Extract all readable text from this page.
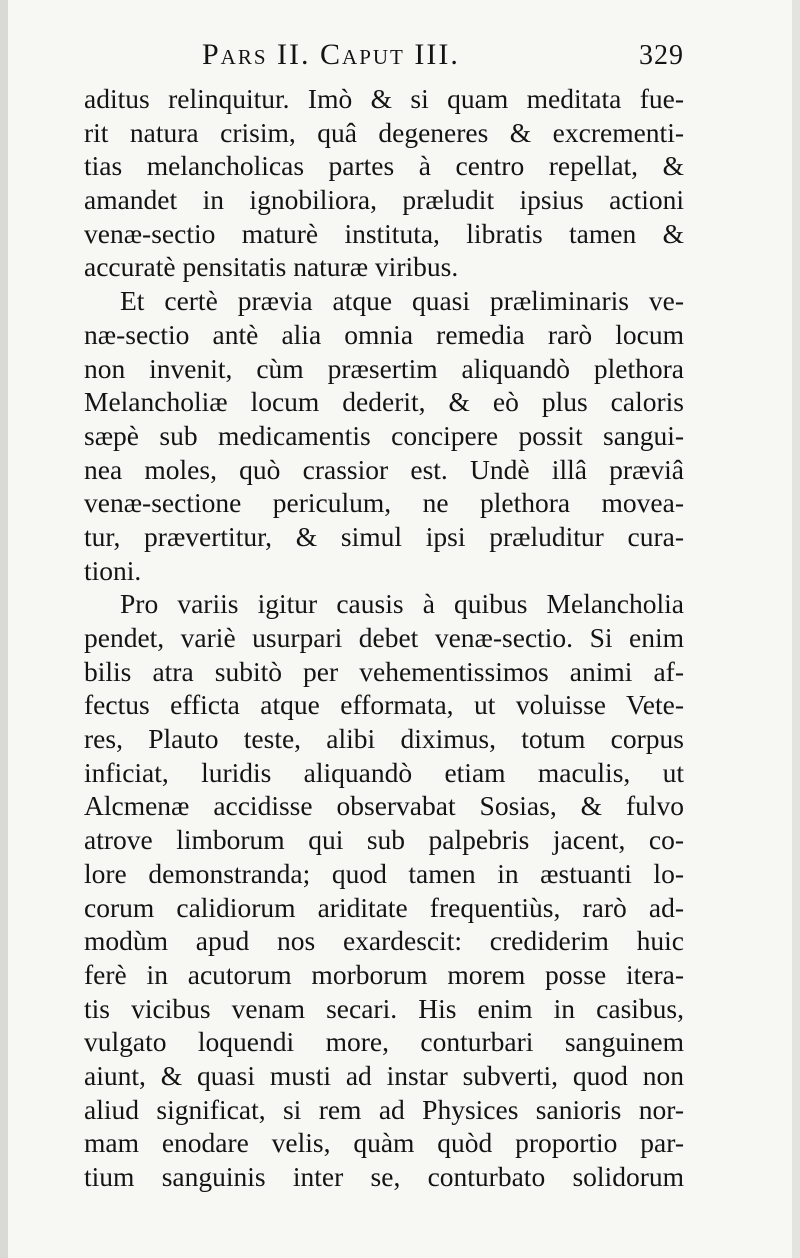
Pars II. Caput III.	329
aditus relinquitur. Imò & si quam meditata fue-
rit natura crisim, quâ degeneres & excrementi-
tias melancholicas partes à centro repellat, &
amandet in ignobiliora, præludit ipsius actioni
venæ-sectio maturè instituta, libratis tamen &
accuratè pensitatis naturæ viribus.
Et certè prævia atque quasi præliminaris ve-
næ-sectio antè alia omnia remedia rarò locum
non invenit, cùm præsertim aliquandò plethora
Melancholiæ locum dederit, & eò plus caloris
sæpè sub medicamentis concipere possit sangui-
nea moles, quò crassior est. Undè illâ præviâ
venæ-sectione periculum, ne plethora movea-
tur, prævertitur, & simul ipsi præluditur cura-
tioni.
Pro variis igitur causis à quibus Melancholia
pendet, variè usurpari debet venæ-sectio. Si enim
bilis atra subitò per vehementissimos animi af-
fectus efficta atque efformata, ut voluisse Vete-
res, Plauto teste, alibi diximus, totum corpus
inficiat, luridis aliquandò etiam maculis, ut
Alcmenæ accidisse observabat Sosias, & fulvo
atrove limborum qui sub palpebris jacent, co-
lore demonstranda; quod tamen in æstuanti lo-
corum calidiorum ariditate frequentiùs, rarò ad-
modùm apud nos exardescit: crediderim huic
ferè in acutorum morborum morem posse itera-
tis vicibus venam secari. His enim in casibus,
vulgato loquendi more, conturbari sanguinem
aiunt, & quasi musti ad instar subverti, quod non
aliud significat, si rem ad Physices sanioris nor-
mam enodare velis, quàm quòd proportio par-
tium sanguinis inter se, conturbato solidorum
